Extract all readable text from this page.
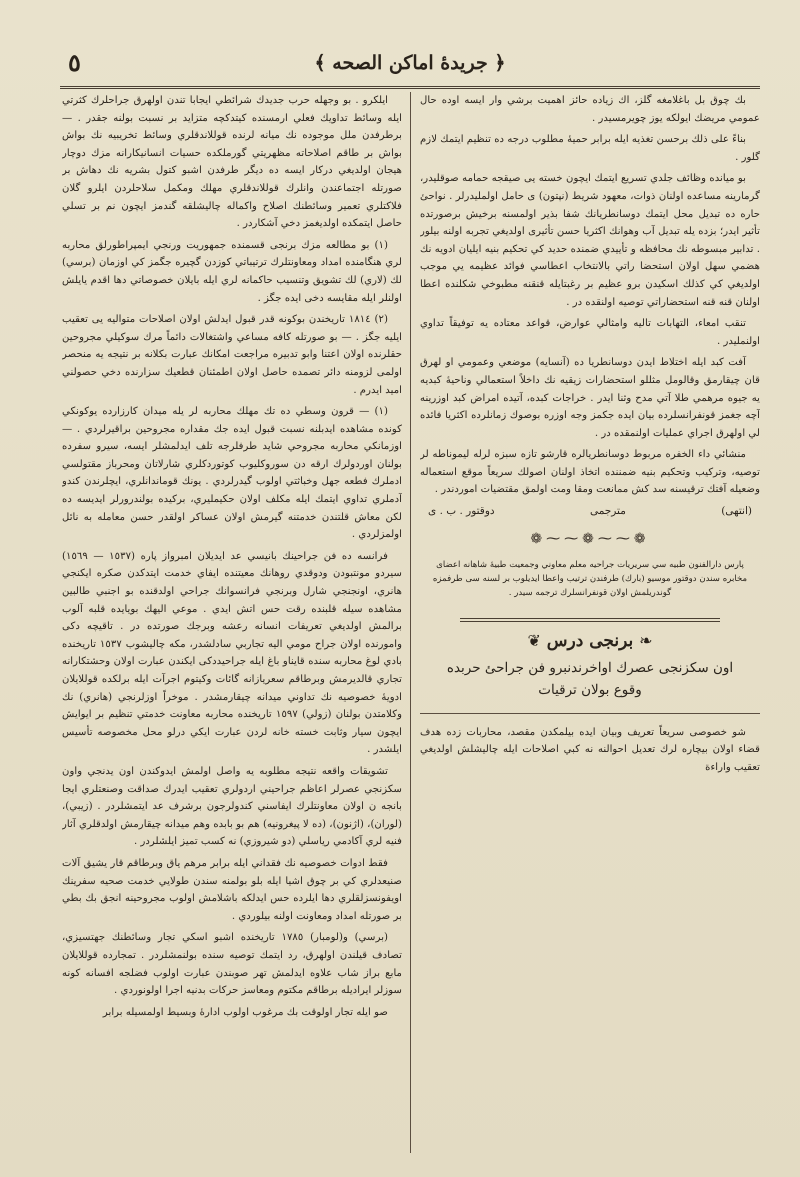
﴿ جریدهٔ اماکن الصحه ﴾
٥

بك چوق بل باغلامغه گلز، اك زياده حائز اهميت برشي وار ايسه اوده حال عمومي مريضك ايولكه يوز چويرمسيدر .

بناءً على ذلك برحسن تغذيه ايله برابر حميهٔ مطلوب درجه ده تنظيم ايتمك لازم گلور .

بو ميانده وظائف جلدي تسريع ايتمك ايچون خسته يى صيقجه حمامه صوقلیدر، گرمارينه مساعده اولنان ذوات، معهود شريط (نپتون) ی حامل اولمليدرلر . نواحئ حاره ده تبديل محل ايتمك دوسانطريانك شفا بذير اولمسنه برخيش برصورتده تأثير ايدر؛ بزده يله تبديل آب وهوانك اكثريا حسن تأثيری اولديغي تجربه اولنه بيلور . تدابير مبسوطه نك محافظه و تأييدي ضمنده حديد كي تحكيم بنيه ايليان ادويه نك هضمي سهل اولان استحضا راتي بالانتخاب اعطاسي فوائد عظيمه يي موجب اولديغي كي كذلك اسكيدن برو عظيم بر رغبتايله قنقنه مطبوخي شكلنده اعطا اولنان قنه قنه استحضاراتي توصيه اولنقده در .

تنقب امعاء، التهابات تاليه وامثالي عوارض، قواعد معتاده يه توفيقاً تداوي اولنمليدر .

آفت كبد ايله اختلاط ايدن دوسانطريا ده (آنسايه) موضعي وعمومي او لهرق قان چيقارمق وقالومل مثللو استحضارات زيقيه نك داخلاً استعمالي وناحيهٔ كبديه يه جيوه مرهمي طلا آتي مدح وثنا ايدر . خراجات كبده، آتيده امراض كبد اوزرينه آچه جغمز قونفرانسلرده بيان ايده جكمز وجه اوزره بوصوك زمانلرده اكثريا فائده لي اولهرق اجراي عمليات اولنمقده در .

منشائي داء الخفره مربوط دوسانطريالره قارشو تازه سبزه لرله ليموناطه لر توصيه، وتركيب وتحكيم بنيه ضمننده اتخاذ اولنان اصولك سريعاً موقع استعماله وضعيله آفتك ترقيسنه سد كش ممانعت ومقا ومت اولمق مقتضيات اموردندر .

(انتهى)
مترجمى
دوقتور . ب . ی
❁⁓⁓❁⁓⁓❁
پارس دارالفنون طبيه سي سريريات جراحيه معلم معاوني وجمعيت طبيهٔ شاهانه اعضاى مخابره سندن دوقتور موسيو (بارك) طرفندن ترتيب واعطا ايديلوب بر لسنه سى طرفمزه گوندريلمش اولان قونفرانسلرك ترجمه سيدر .
❧ برنجى درس ❦
اون سكزنجى عصرك اواخرندنبرو فن جراحئ حربده وقوع بولان ترقيات

شو خصوصى سريعاً تعريف وبيان ايده بيلمكدن مقصد، محاربات زده هدف قضاء اولان بيچاره لرك تعديل احوالنه نه كبي اصلاحات ايله چاليشلش اولديغي تعقيب واراءة

ايلكرو . بو وجهله حرب جديدك شرائطي ايجابا تندن اولهرق جراحلرك كثرتي ايله وسائط تداويك فعلي ارمسنده كيتدكچه متزايد بر نسبت بولنه جقدر . — برطرفدن ملل موجوده نك ميانه لرنده قوللاندقلري وسائط تخريبيه نك بواش بواش بر طاقم اصلاحاته مظهريتي گورملكده حسيات انسانيكارانه مزك دوچار هيجان اولديغي دركار ايسه ده ديگر طرفدن اشبو كتول بشريه نك دهاش بر صورتله اجتماعندن وانلرك قوللاندقلري مهلك ومكمل سلاحلردن ايلرو گلان فلاكتلري تعمير وسائطنك اصلاح واكماله چاليشلقه گندمز ايچون نم بر تسلي حاصل ايتمكده اولديغمز دخي آشكاردر .

(١) بو مطالعه مزك برنجى قسمنده جمهوريت ورنجي ايمپراطورلق محاربه لري هنگامنده امداد ومعاونتلرك ترتيباتي كوزدن گچيره جگمز كي اوزمان (برسي) لك (لاري) لك تشويق وتنسيب حاكمانه لري ايله بايلان خصوصاتي دها اقدم يايلش اولنلر ايله مقايسه دخى ايده جگز .

(٢) ١٨١٤ تاريخندن بوكونه قدر قبول ايدلش اولان اصلاحات متواليه يى تعقيب ايليه جگز . — بو صورتله كافه مساعي واشتغالات دائماً مرك سوكيلي مجروحين حقلرنده اولان اعتنا وابو تدبيره مراجعت امكانك عبارت بكلانه بر نتيجه يه منحصر اولمى لزومنه دائر تصمده حاصل اولان اطمئنان قطعيك سزارنده دخي حصولني اميد ايدرم .

(١) — قرون وسطي ده تك مهلك محاربه لر يله ميدان كارزارده يوكونكي كونده مشاهده ايدبلنه نسبت قبول ايده جك مقداره مجروحين براقيرلردي . — اوزمانكي محاربه مجروحي شايد طرفلرجه تلف ايدلمشلر ايسه، سيرو سفرده بولنان اوردولرك ارقه دن سوروكليوب كوتوردكلري شارلاتان ومحرباز مقتولسي ادملرك فطعه جهل وخباثتي اولوب گيدرلردي . يونك قوماندانلري، ايچلرندن كندو آدملري تداوي ايتمك ايله مكلف اولان حكيمليري، برکيده بولندرورلر ايدیسه ده لكن معاش قلتندن خدمتنه گيرمش اولان عساكر اولقدر حسن معامله به نائل اولمزلردي .

فرانسه ده فن جراحينك بانيسي عد ايديلان امبرواز پاره (١٥٣٧ — ١٥٦٩) سيردو مونتبودن ودوقدي روهانك معيتنده ايفاي خدمت ايتدكدن صكره ايكنجي هانري، اونجنجي شارل وبرنجي فرانسوانك جراحي اولدقنده بو اجنبي طالبين مشاهده سيله قلبنده رقت حس اتش ايدي . موعي اليهك بويايده قلبه آلوب برالمش اولديغي تعريفات انسانه رعشه وبرجك صورتده در . تاقيچه دكى وامورنده اولان جراح مومي اليه تجاربي سادلشدر، مكه چاليشوب ١٥٣٧ تاريخنده بادي لوغ محاربه سنده قايناو باغ ايله جراحيددكى ايكندن عبارت اولان وحشتكارانه تجاري قالديرمش وبرطاقم سعريازانه گائات وكيتوم اجرآت ايله برلكده قوللايلان ادويهٔ خصوصيه نك تداوني ميدانه چيقارمشدر . موخراً اوزلرنجي (هانري) نك وكلامتدن بولنان (زولي) ١٥٩٧ تاريخنده محاربه معاونت خدمتي تنظيم بر ايوايش ايچون سيار وثابت خسته خانه لردن عبارت ايكي درلو محل مخصوصه تأسيس ايلشدر .

تشويقات واقعه نتيجه مطلوبه يه واصل اولمش ايدوكندن اون يدنجي واون سكزنجي عصرلر اعاظم جراحيني اردولري تعقيب ايدرك صداقت وصنعتلري ايجا بانجه ن اولان معاونتلرك ايفاسني كندولرجون برشرف عد ايتمشلردر . (زيبي)، (لوران)، (اژنون)، (ده لا پيغرونيه) هم بو بابده وهم ميدانه چيقارمش اولدقلري آثار فنيه لري آكادمي رياسلي (دو شيروزي) نه كسب تميز ايلشلردر .

فقط ادوات خصوصيه نك فقداني ايله برابر مرهم ياق وبرطاقم قار يشيق آلات صنيعدلري كي بر چوق اشيا ايله بلو بولمنه سندن طولايي خدمت صحيه سفرينك اويفونسزلقلري دها ايلرده حس ايدلكه باشلامش اولوب مجروحينه انجق بك بطي بر صورتله امداد ومعاونت اولنه بيلوردي .

(برسي) و(لومبار) ١٧٨٥ تاريخنده اشبو اسكي تجار وسائطنك جهتسيزي، تصادف قيلندن اولهرق، رد ايتمك توصيه سنده بولنمشلردر . تمجارده قوللايلان مابع براز شاب علاوه ايدلمش تهر صوبندن عبارت اولوب فضلجه افسانه كونه سوزلر ايراديله برطاقم مكتوم ومعاسز حركات بدنيه اجرا اولونوردي .

صو ايله تجار اولوقت بك مرغوب اولوب ادارهٔ وبسيط اولمسيله برابر
